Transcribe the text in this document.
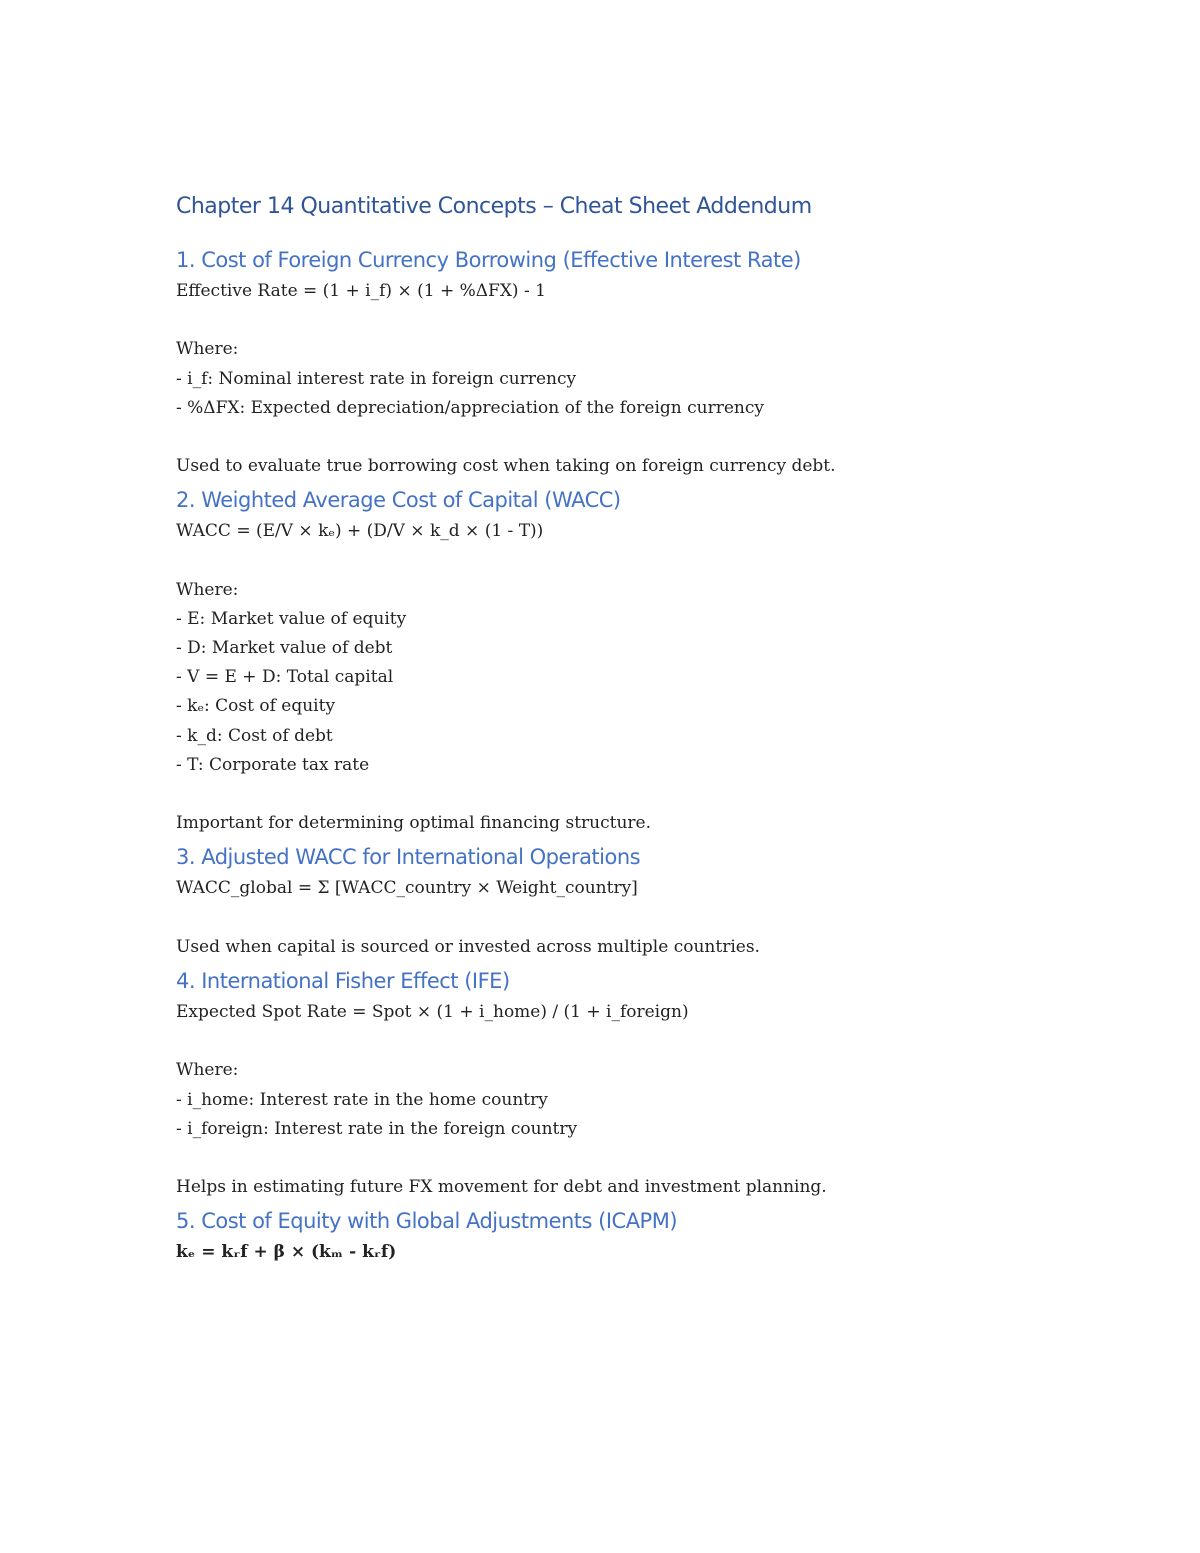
Chapter 14 Quantitative Concepts – Cheat Sheet Addendum
1. Cost of Foreign Currency Borrowing (Effective Interest Rate)
Effective Rate = (1 + i_f) × (1 + %ΔFX) - 1
Where:
- i_f: Nominal interest rate in foreign currency
- %ΔFX: Expected depreciation/appreciation of the foreign currency
Used to evaluate true borrowing cost when taking on foreign currency debt.
2. Weighted Average Cost of Capital (WACC)
WACC = (E/V × kₑ) + (D/V × k_d × (1 - T))
Where:
- E: Market value of equity
- D: Market value of debt
- V = E + D: Total capital
- kₑ: Cost of equity
- k_d: Cost of debt
- T: Corporate tax rate
Important for determining optimal financing structure.
3. Adjusted WACC for International Operations
WACC_global = Σ [WACC_country × Weight_country]
Used when capital is sourced or invested across multiple countries.
4. International Fisher Effect (IFE)
Expected Spot Rate = Spot × (1 + i_home) / (1 + i_foreign)
Where:
- i_home: Interest rate in the home country
- i_foreign: Interest rate in the foreign country
Helps in estimating future FX movement for debt and investment planning.
5. Cost of Equity with Global Adjustments (ICAPM)
kₑ = kᵣf + β × (kₘ - kᵣf)
